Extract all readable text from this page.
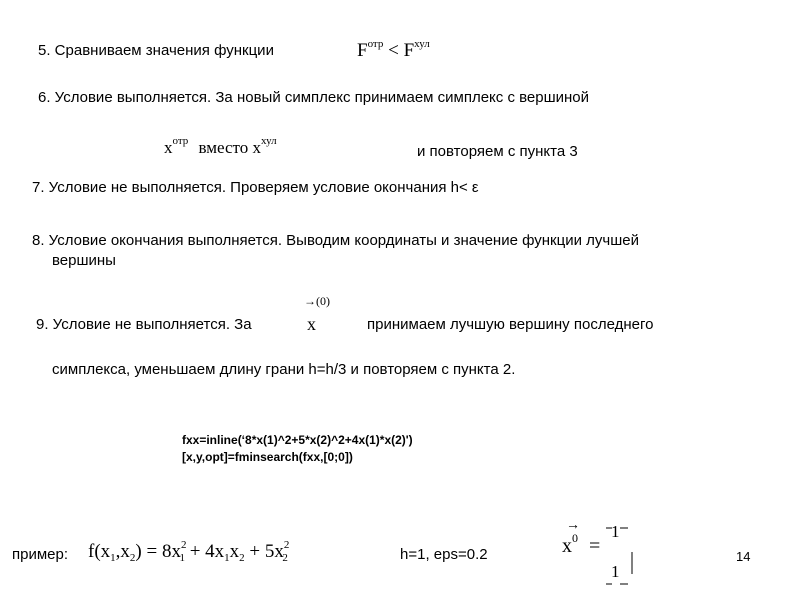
5. Сравниваем значения функции	$F^{отр} < F^{хул}$
6. Условие выполняется. За новый симплекс принимаем симплекс с вершиной
$x^{отр}$ вместо $x^{хул}$
и повторяем с пункта 3
7. Условие не выполняется. Проверяем условие окончания h< ε
8. Условие окончания выполняется. Выводим координаты и значение функции лучшей
вершины
9. Условие не выполняется. За
→(0)
x	принимаем лучшую вершину последнего
симплекса, уменьшаем длину грани h=h/3 и повторяем с пункта 2.
fxx=inline(‘8*x(1)^2+5*x(2)^2+4x(1)*x(2)')
[x,y,opt]=fminsearch(fxx,[0;0])
пример: $f(x_1,x_2) = 8x^2_1 + 4x_1x_2 + 5x^2_2$	h=1, eps=0.2
→
$x^0$ =
1
1
14
